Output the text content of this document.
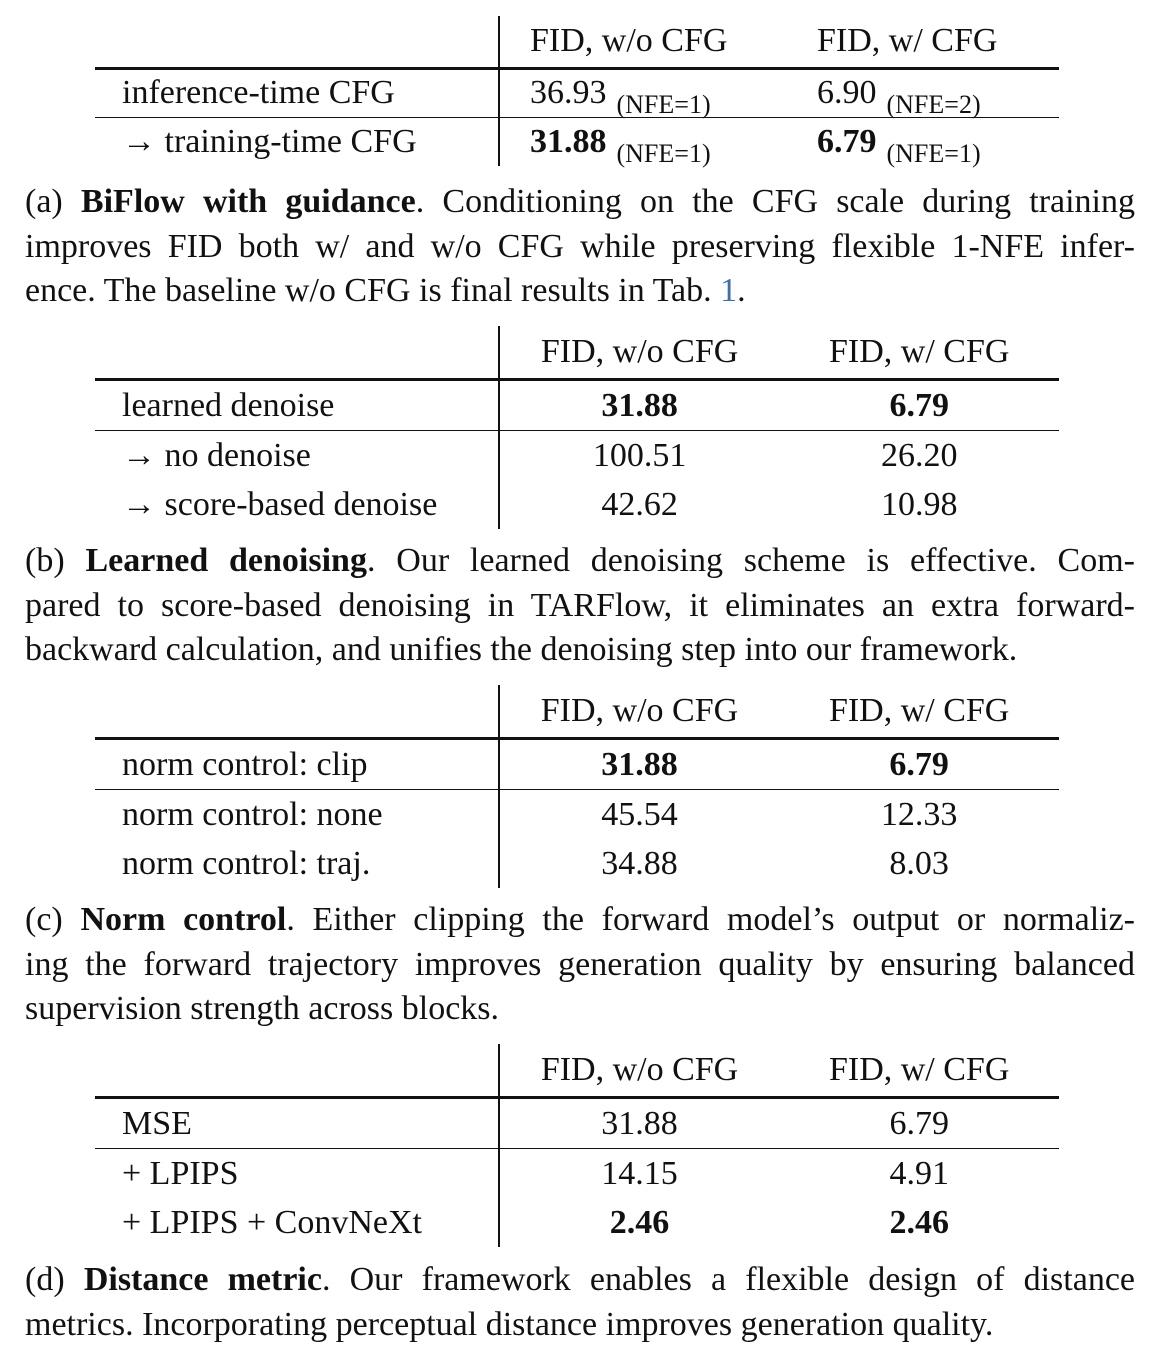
	FID, w/o CFG	FID, w/ CFG
inference-time CFG	36.93 $_{(NFE=1)}$	6.90 $_{(NFE=2)}$
→ training-time CFG	31.88 $_{(NFE=1)}$	6.79 $_{(NFE=1)}$
(a) BiFlow with guidance. Conditioning on the CFG scale during training
improves FID both w/ and w/o CFG while preserving flexible 1-NFE infer-
ence. The baseline w/o CFG is final results in Tab. 1.
	FID, w/o CFG	FID, w/ CFG
learned denoise	31.88	6.79
→ no denoise	100.51	26.20
→ score-based denoise	42.62	10.98
(b) Learned denoising. Our learned denoising scheme is effective. Com-
pared to score-based denoising in TARFlow, it eliminates an extra forward-
backward calculation, and unifies the denoising step into our framework.
	FID, w/o CFG	FID, w/ CFG
norm control: clip	31.88	6.79
norm control: none	45.54	12.33
norm control: traj.	34.88	8.03
(c) Norm control. Either clipping the forward model’s output or normaliz-
ing the forward trajectory improves generation quality by ensuring balanced
supervision strength across blocks.
	FID, w/o CFG	FID, w/ CFG
MSE	31.88	6.79
+ LPIPS	14.15	4.91
+ LPIPS + ConvNeXt	2.46	2.46
(d) Distance metric. Our framework enables a flexible design of distance
metrics. Incorporating perceptual distance improves generation quality.
